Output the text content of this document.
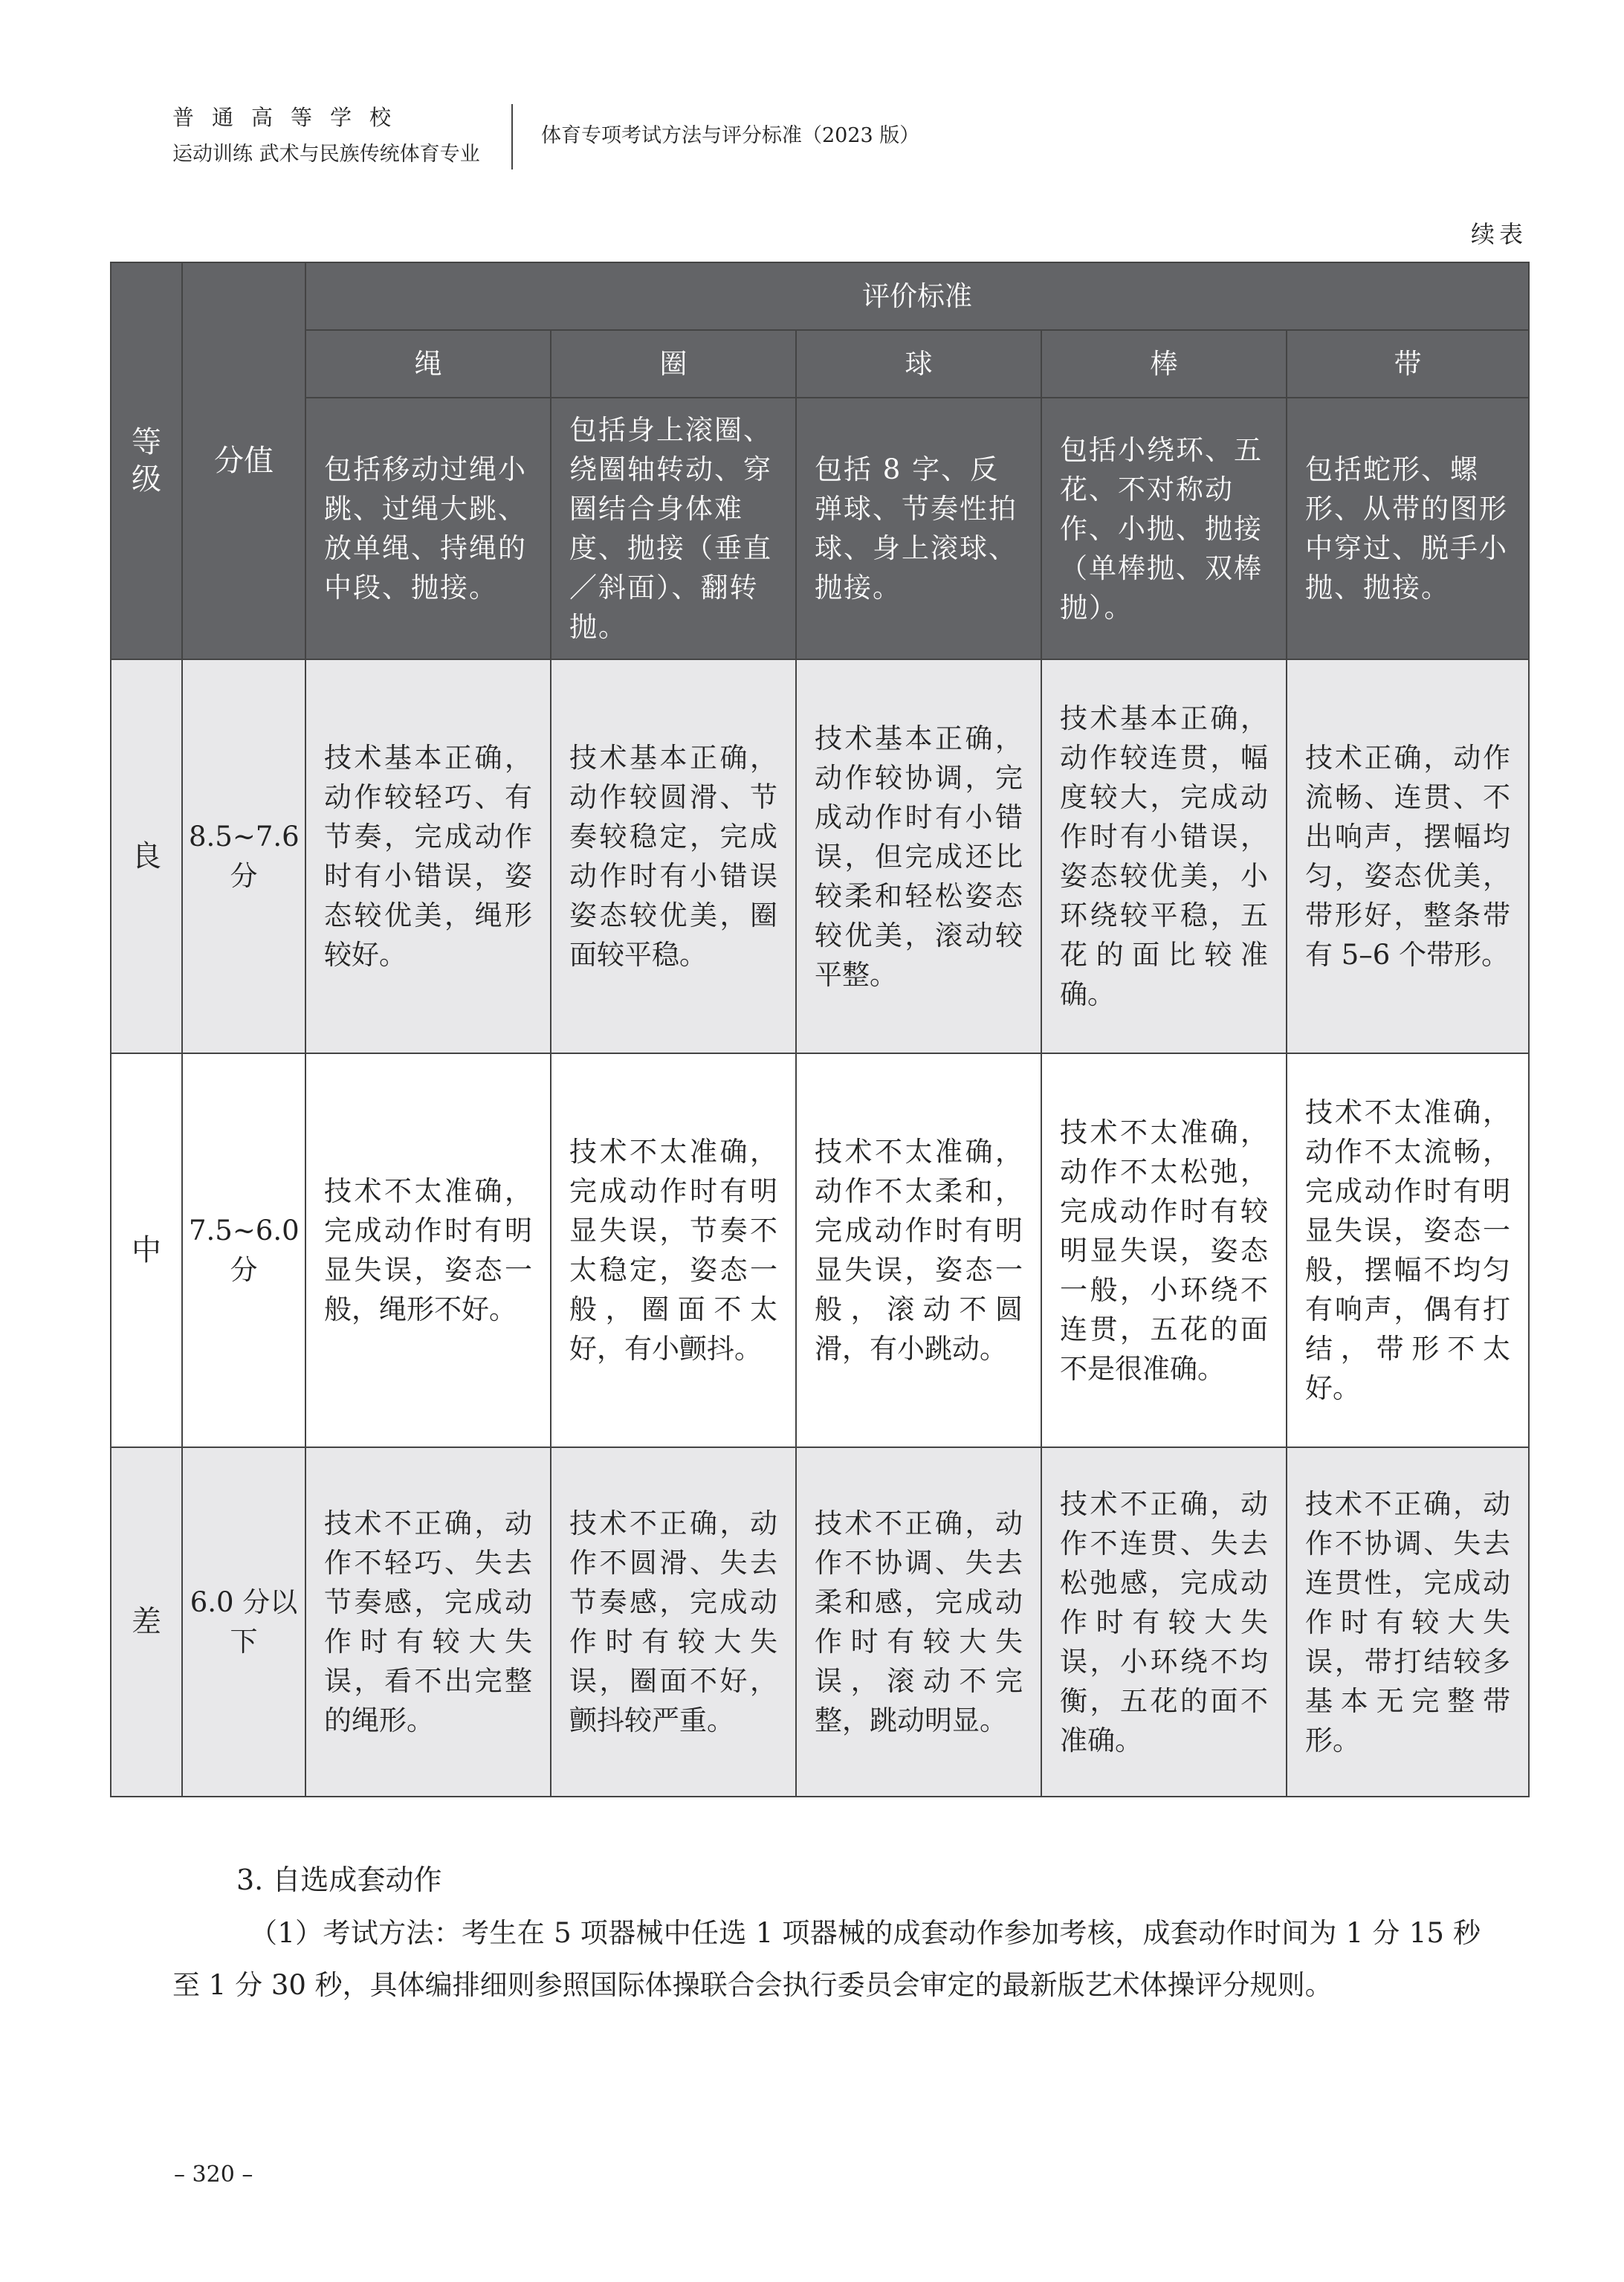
普通高等学校
运动训练 武术与民族传统体育专业
体育专项考试方法与评分标准（2023 版）
续表
等级	分值	评价标准				
		绳	圈	球	棒	带
		包括移动过绳小跳、过绳大跳、放单绳、持绳的中段、抛接。	包括身上滚圈、绕圈轴转动、穿圈结合身体难度、抛接（垂直／斜面）、翻转抛。	包括 8 字、反弹球、节奏性拍球、身上滚球、抛接。	包括小绕环、五花、不对称动作、小抛、抛接（单棒抛、双棒抛）。	包括蛇形、螺形、从带的图形中穿过、脱手小抛、抛接。
良	8.5~7.6 分	技术基本正确，动作较轻巧、有节奏，完成动作时有小错误，姿态较优美，绳形较好。	技术基本正确，动作较圆滑、节奏较稳定，完成动作时有小错误姿态较优美，圈面较平稳。	技术基本正确，动作较协调，完成动作时有小错误，但完成还比较柔和轻松姿态较优美，滚动较平整。	技术基本正确，动作较连贯，幅度较大，完成动作时有小错误，姿态较优美，小环绕较平稳，五花的面比较准确。	技术正确，动作流畅、连贯、不出响声，摆幅均匀，姿态优美，带形好，整条带有 5–6 个带形。
中	7.5~6.0 分	技术不太准确，完成动作时有明显失误，姿态一般，绳形不好。	技术不太准确，完成动作时有明显失误，节奏不太稳定，姿态一般，圈面不太好，有小颤抖。	技术不太准确，动作不太柔和，完成动作时有明显失误，姿态一般，滚动不圆滑，有小跳动。	技术不太准确，动作不太松弛，完成动作时有较明显失误，姿态一般，小环绕不连贯，五花的面不是很准确。	技术不太准确，动作不太流畅，完成动作时有明显失误，姿态一般，摆幅不均匀有响声，偶有打结，带形不太好。
差	6.0 分以下	技术不正确，动作不轻巧、失去节奏感，完成动作时有较大失误，看不出完整的绳形。	技术不正确，动作不圆滑、失去节奏感，完成动作时有较大失误，圈面不好，颤抖较严重。	技术不正确，动作不协调、失去柔和感，完成动作时有较大失误，滚动不完整，跳动明显。	技术不正确，动作不连贯、失去松弛感，完成动作时有较大失误，小环绕不均衡，五花的面不准确。	技术不正确，动作不协调、失去连贯性，完成动作时有较大失误，带打结较多基本无完整带形。
3. 自选成套动作
（1）考试方法：考生在 5 项器械中任选 1 项器械的成套动作参加考核，成套动作时间为 1 分 15 秒至 1 分 30 秒，具体编排细则参照国际体操联合会执行委员会审定的最新版艺术体操评分规则。
– 320 –
